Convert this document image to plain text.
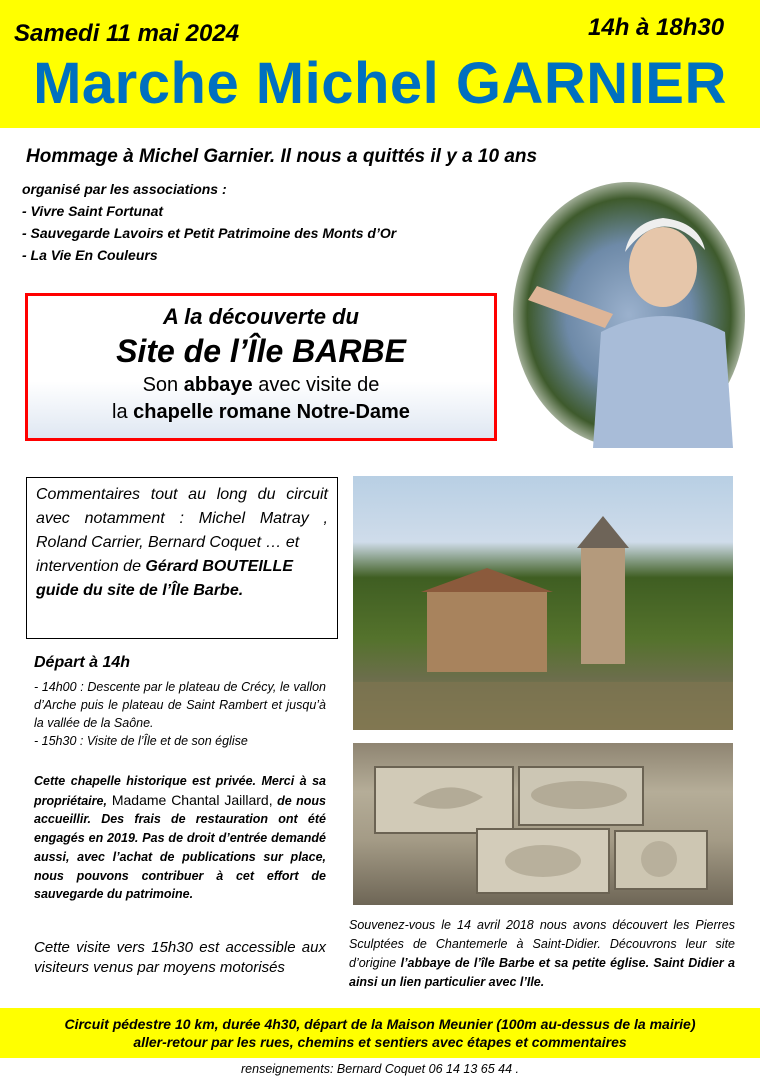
Samedi 11 mai 2024	14h à 18h30
Marche Michel GARNIER
Hommage à Michel Garnier. Il nous a quittés il y a 10 ans
organisé par les associations :
- Vivre Saint Fortunat
- Sauvegarde Lavoirs et Petit Patrimoine des Monts d’Or
- La Vie En Couleurs
A la découverte du
Site de l’Île BARBE
Son abbaye avec visite de
la chapelle romane Notre-Dame
Commentaires tout au long du circuit avec notamment : Michel Matray , Roland Carrier, Bernard Coquet … et
intervention de Gérard BOUTEILLE
guide du site de l’Île Barbe.
Départ à 14h
- 14h00 : Descente par le plateau de Crécy, le vallon d’Arche puis le plateau de Saint Rambert et jusqu’à la vallée de la Saône.
- 15h30 : Visite de l’Île et de son église
Cette chapelle historique est privée. Merci à sa propriétaire, Madame Chantal Jaillard, de nous accueillir. Des frais de restauration ont été engagés en 2019. Pas de droit d’entrée demandé aussi, avec l’achat de publications sur place, nous pouvons contribuer à cet effort de sauvegarde du patrimoine.
Cette visite vers 15h30 est accessible aux visiteurs venus par moyens motorisés
Souvenez-vous le 14 avril 2018 nous avons découvert les Pierres Sculptées de Chantemerle à Saint-Didier. Découvrons leur site d’origine l’abbaye de l’île Barbe et sa petite église. Saint Didier a ainsi un lien particulier avec l’Ile.
Circuit pédestre 10 km, durée 4h30, départ de la Maison Meunier (100m au-dessus de la mairie)
aller-retour par les rues, chemins et sentiers avec étapes et commentaires
renseignements: Bernard Coquet 06 14 13 65 44 .
